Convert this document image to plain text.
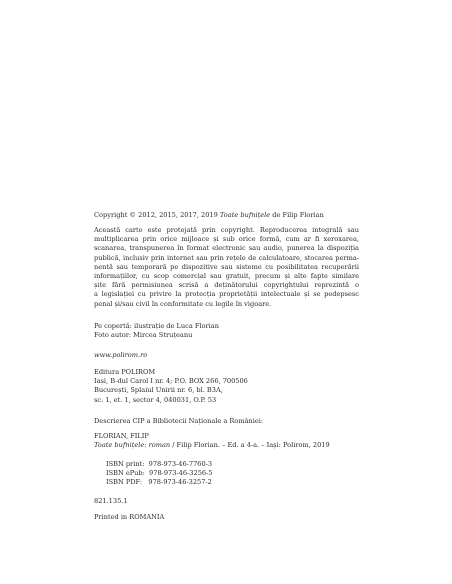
Copyright © 2012, 2015, 2017, 2019 Toate bufnițele de Filip Florian
Această carte este protejată prin copyright. Reproducerea integrală sau
multiplicarea prin orice mijloace și sub orice formă, cum ar fi xeroxarea,
scanarea, transpunerea în format electronic sau audio, punerea la dispoziția
publică, inclusiv prin internet sau prin rețele de calculatoare, stocarea perma-
nentă sau temporară pe dispozitive sau sisteme cu posibilitatea recuperării
informațiilor, cu scop comercial sau gratuit, precum și alte fapte similare
șite fără permisiunea scrisă a deținătorului copyrightului reprezintă o
a legislației cu privire la protecția proprietății intelectuale și se pedepsesc
penal și/sau civil în conformitate cu legile în vigoare.
Pe copertă: ilustrație de Luca Florian
Foto autor: Mircea Struțeanu
www.polirom.ro
Editura POLIROM
Iași, B-dul Carol I nr. 4; P.O. BOX 266, 700506
București, Splaiul Unirii nr. 6, bl. B3A,
sc. 1, et. 1, sector 4, 040031, O.P. 53
Descrierea CIP a Bibliotecii Naționale a României:
FLORIAN, FILIP
Toate bufnițele: roman / Filip Florian. – Ed. a 4-a. – Iași: Polirom, 2019
ISBN print:  978-973-46-7760-3
ISBN ePub:  978-973-46-3256-5
ISBN PDF:   978-973-46-3257-2
821.135.1
Printed in ROMANIA
